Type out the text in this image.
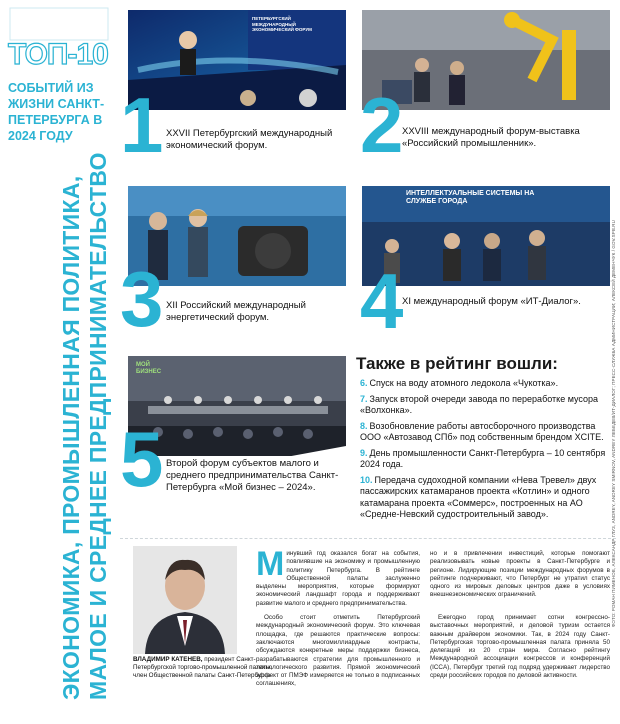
ТОП-10
СОБЫТИЙ ИЗ ЖИЗНИ САНКТ-ПЕТЕРБУРГА В 2024 ГОДУ
ЭКОНОМИКА, ПРОМЫШЛЕННАЯ ПОЛИТИКА, МАЛОЕ И СРЕДНЕЕ ПРЕДПРИНИМАТЕЛЬСТВО
ПЕТЕРБУРГСКИЙ МЕЖДУНАРОДНЫЙ ЭКОНОМИЧЕСКИЙ ФОРУМ
1 XXVII Петербургский международный экономический форум.	2
XXVIII международный форум-выставка «Российский промышленник».
3 XII Российский международный энергетический форум.
ИНТЕЛЛЕКТУАЛЬНЫЕ СИСТЕМЫ НА СЛУЖБЕ ГОРОДА
4
XI международный форум «ИТ-Диалог».
МОЙ БИЗНЕС
5 Второй форум субъектов малого и среднего предпринимательства Санкт-Петербурга «Мой бизнес – 2024».
Также в рейтинг вошли:
6. Спуск на воду атомного ледокола «Чукотка».
7. Запуск второй очереди завода по переработке мусора «Волхонка».
8. Возобновление работы автосборочного производства ООО «Автозавод СПб» под собственным брендом XCITE.
9. День промышленности Санкт-Петербурга – 10 сентября 2024 года.
10. Передача судоходной компании «Нева Тревел» двух пассажирских катамаранов проекта «Котлин» и одного катамарана проекта «Соммерс», построенных на АО «Средне-Невский судостроительный завод».
ВЛАДИМИР КАТЕНЕВ, президент Санкт-Петербургской торгово-промышленной палаты, член Общественной палаты Санкт-Петербурга
Минувший год оказался богат на события, повлиявшие на экономику и промышленную политику Петербурга. В рейтинге Общественной палаты заслуженно выделены мероприятия, которые формируют экономический ландшафт города и поддерживают развитие малого и среднего предпринимательства.
Особо стоит отметить Петербургский международный экономический форум. Это ключевая площадка, где решаются практические вопросы: заключаются многомиллиардные контракты, обсуждаются конкретные меры поддержки бизнеса, разрабатываются стратегии для промышленного и технологического развития. Прямой экономический эффект от ПМЭФ измеряется не только в подписанных соглашениях,
но и в привлечении инвестиций, которые помогают реализовывать новые проекты в Санкт-Петербурге и регионе. Лидирующие позиции международных форумов в рейтинге подчеркивают, что Петербург не утратил статус одного из мировых деловых центров даже в условиях внешнеэкономических ограничений.
Ежегодно город принимает сотни конгрессно-выставочных мероприятий, и деловой туризм остается важным драйвером экономики. Так, в 2024 году Санкт-Петербургская торгово-промышленная палата приняла 50 делегаций из 20 стран мира. Согласно рейтингу Международной ассоциации конгрессов и конференций (ICCA), Петербург третий год подряд удерживает лидерство среди российских городов по деловой активности.
ФОТО: РОМАН ПИМЕНОВ, АЛЕКСАНДР ГЛУЗ, ANDREY, ANDREY SMIRNOV, ANDREY ЛЕБЕДЕВ/ИТ-ДИАЛОГ; ПРЕСС-СЛУЖБА АДМИНИСТРАЦИИ; АЛЕКСЕЙ ДЕМЕНЧУК / GOV.SPB.RU
